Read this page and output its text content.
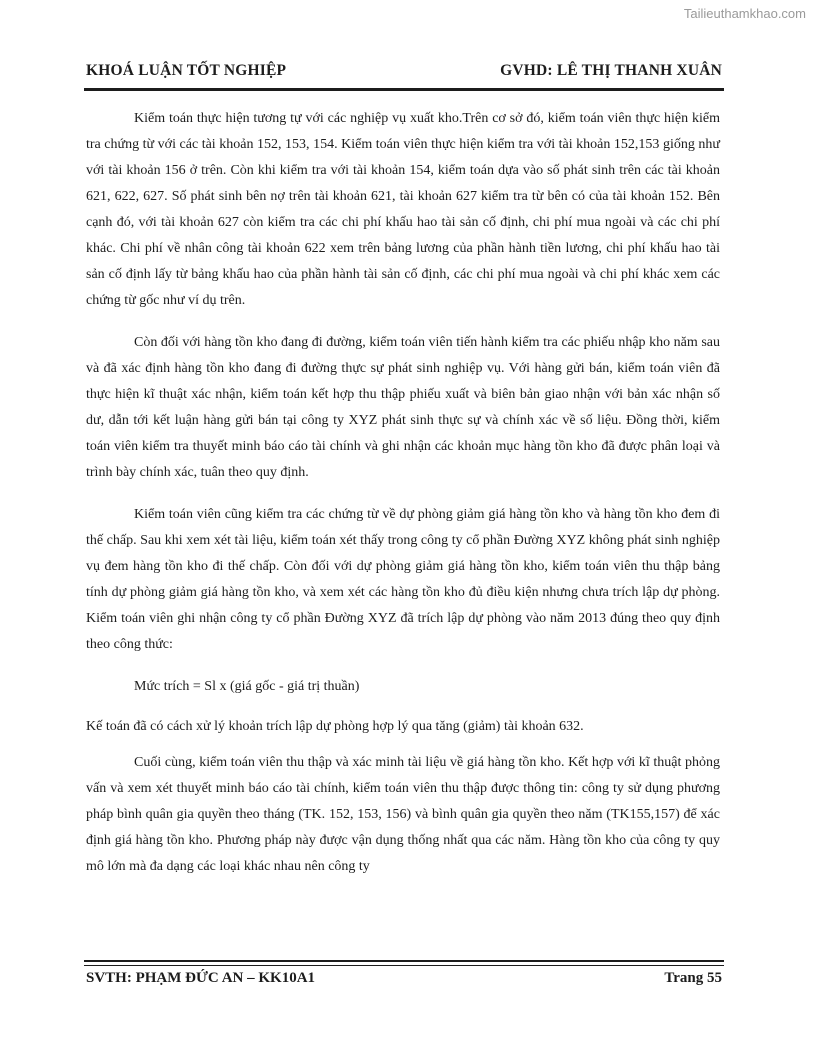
Tailieuthamkhao.com
KHOÁ LUẬN TỐT NGHIỆP	GVHD: LÊ THỊ THANH XUÂN

Kiểm toán thực hiện tương tự với các nghiệp vụ xuất kho.Trên cơ sở đó, kiểm toán viên thực hiện kiểm tra chứng từ với các tài khoản 152, 153, 154. Kiểm toán viên thực hiện kiểm tra với tài khoản 152,153 giống như với tài khoản 156 ở trên. Còn khi kiểm tra với tài khoản 154, kiểm toán dựa vào số phát sinh trên các tài khoản 621, 622, 627. Số phát sinh bên nợ trên tài khoản 621, tài khoản 627 kiểm tra từ bên có của tài khoản 152. Bên cạnh đó, với tài khoản 627 còn kiểm tra các chi phí khấu hao tài sản cố định, chi phí mua ngoài và các chi phí khác. Chi phí về nhân công tài khoản 622 xem trên bảng lương của phần hành tiền lương, chi phí khấu hao tài sản cố định lấy từ bảng khấu hao của phần hành tài sản cố định, các chi phí mua ngoài và chi phí khác xem các chứng từ gốc như ví dụ trên.

Còn đối với hàng tồn kho đang đi đường, kiểm toán viên tiến hành kiểm tra các phiếu nhập kho năm sau và đã xác định hàng tồn kho đang đi đường thực sự phát sinh nghiệp vụ. Với hàng gửi bán, kiểm toán viên đã thực hiện kĩ thuật xác nhận, kiểm toán kết hợp thu thập phiếu xuất và biên bản giao nhận với bản xác nhận số dư, dẫn tới kết luận hàng gửi bán tại công ty XYZ phát sinh thực sự và chính xác về số liệu. Đồng thời, kiểm toán viên kiểm tra thuyết minh báo cáo tài chính và ghi nhận các khoản mục hàng tồn kho đã được phân loại và trình bày chính xác, tuân theo quy định.

Kiểm toán viên cũng kiểm tra các chứng từ về dự phòng giảm giá hàng tồn kho và hàng tồn kho đem đi thế chấp. Sau khi xem xét tài liệu, kiểm toán xét thấy trong công ty cổ phần Đường XYZ không phát sinh nghiệp vụ đem hàng tồn kho đi thế chấp. Còn đối với dự phòng giảm giá hàng tồn kho, kiểm toán viên thu thập bảng tính dự phòng giảm giá hàng tồn kho, và xem xét các hàng tồn kho đủ điều kiện nhưng chưa trích lập dự phòng. Kiểm toán viên ghi nhận công ty cổ phần Đường XYZ đã trích lập dự phòng vào năm 2013 đúng theo quy định theo công thức:

Mức trích = Sl x (giá gốc - giá trị thuần)

Kế toán đã có cách xử lý khoản trích lập dự phòng hợp lý qua tăng (giảm) tài khoản 632.

Cuối cùng, kiểm toán viên thu thập và xác minh tài liệu về giá hàng tồn kho. Kết hợp với kĩ thuật phỏng vấn và xem xét thuyết minh báo cáo tài chính, kiểm toán viên thu thập được thông tin: công ty sử dụng phương pháp bình quân gia quyền theo tháng (TK. 152, 153, 156) và bình quân gia quyền theo năm (TK155,157) để xác định giá hàng tồn kho. Phương pháp này được vận dụng thống nhất qua các năm. Hàng tồn kho của công ty quy mô lớn mà đa dạng các loại khác nhau nên công ty

SVTH: PHẠM ĐỨC AN – KK10A1	Trang 55
